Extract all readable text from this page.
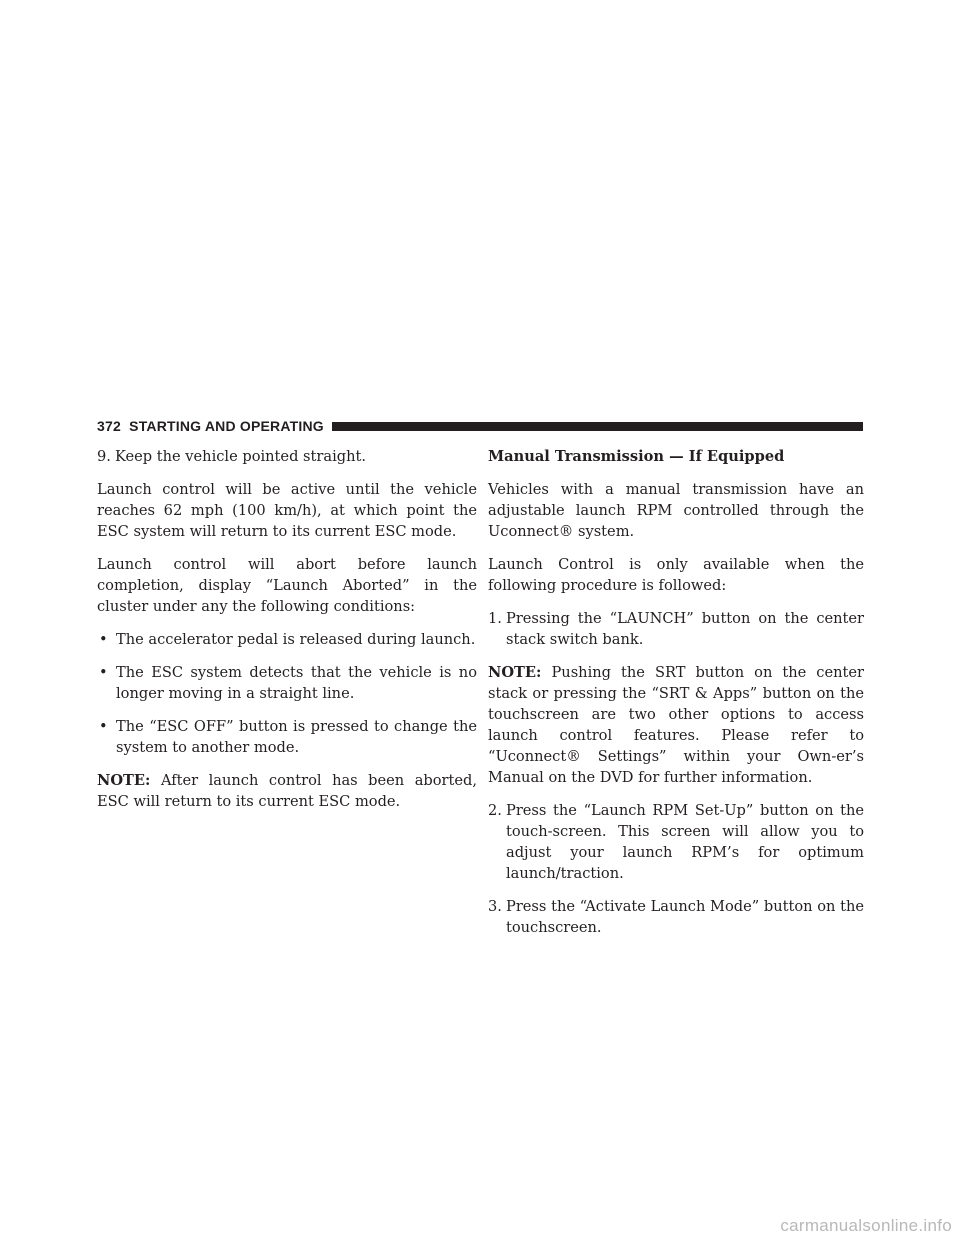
372 STARTING AND OPERATING

9. Keep the vehicle pointed straight.

Launch control will be active until the vehicle reaches 62 mph (100 km/h), at which point the ESC system will return to its current ESC mode.

Launch control will abort before launch completion, display “Launch Aborted” in the cluster under any the following conditions:

• The accelerator pedal is released during launch.
• The ESC system detects that the vehicle is no longer moving in a straight line.
• The “ESC OFF” button is pressed to change the system to another mode.

NOTE: After launch control has been aborted, ESC will return to its current ESC mode.

Manual Transmission — If Equipped

Vehicles with a manual transmission have an adjustable launch RPM controlled through the Uconnect® system.

Launch Control is only available when the following procedure is followed:

1. Pressing the “LAUNCH” button on the center stack switch bank.

NOTE: Pushing the SRT button on the center stack or pressing the “SRT & Apps” button on the touchscreen are two other options to access launch control features. Please refer to “Uconnect® Settings” within your Own-er’s Manual on the DVD for further information.

2. Press the “Launch RPM Set-Up” button on the touch-screen. This screen will allow you to adjust your launch RPM’s for optimum launch/traction.

3. Press the “Activate Launch Mode” button on the touchscreen.

carmanualsonline.info
